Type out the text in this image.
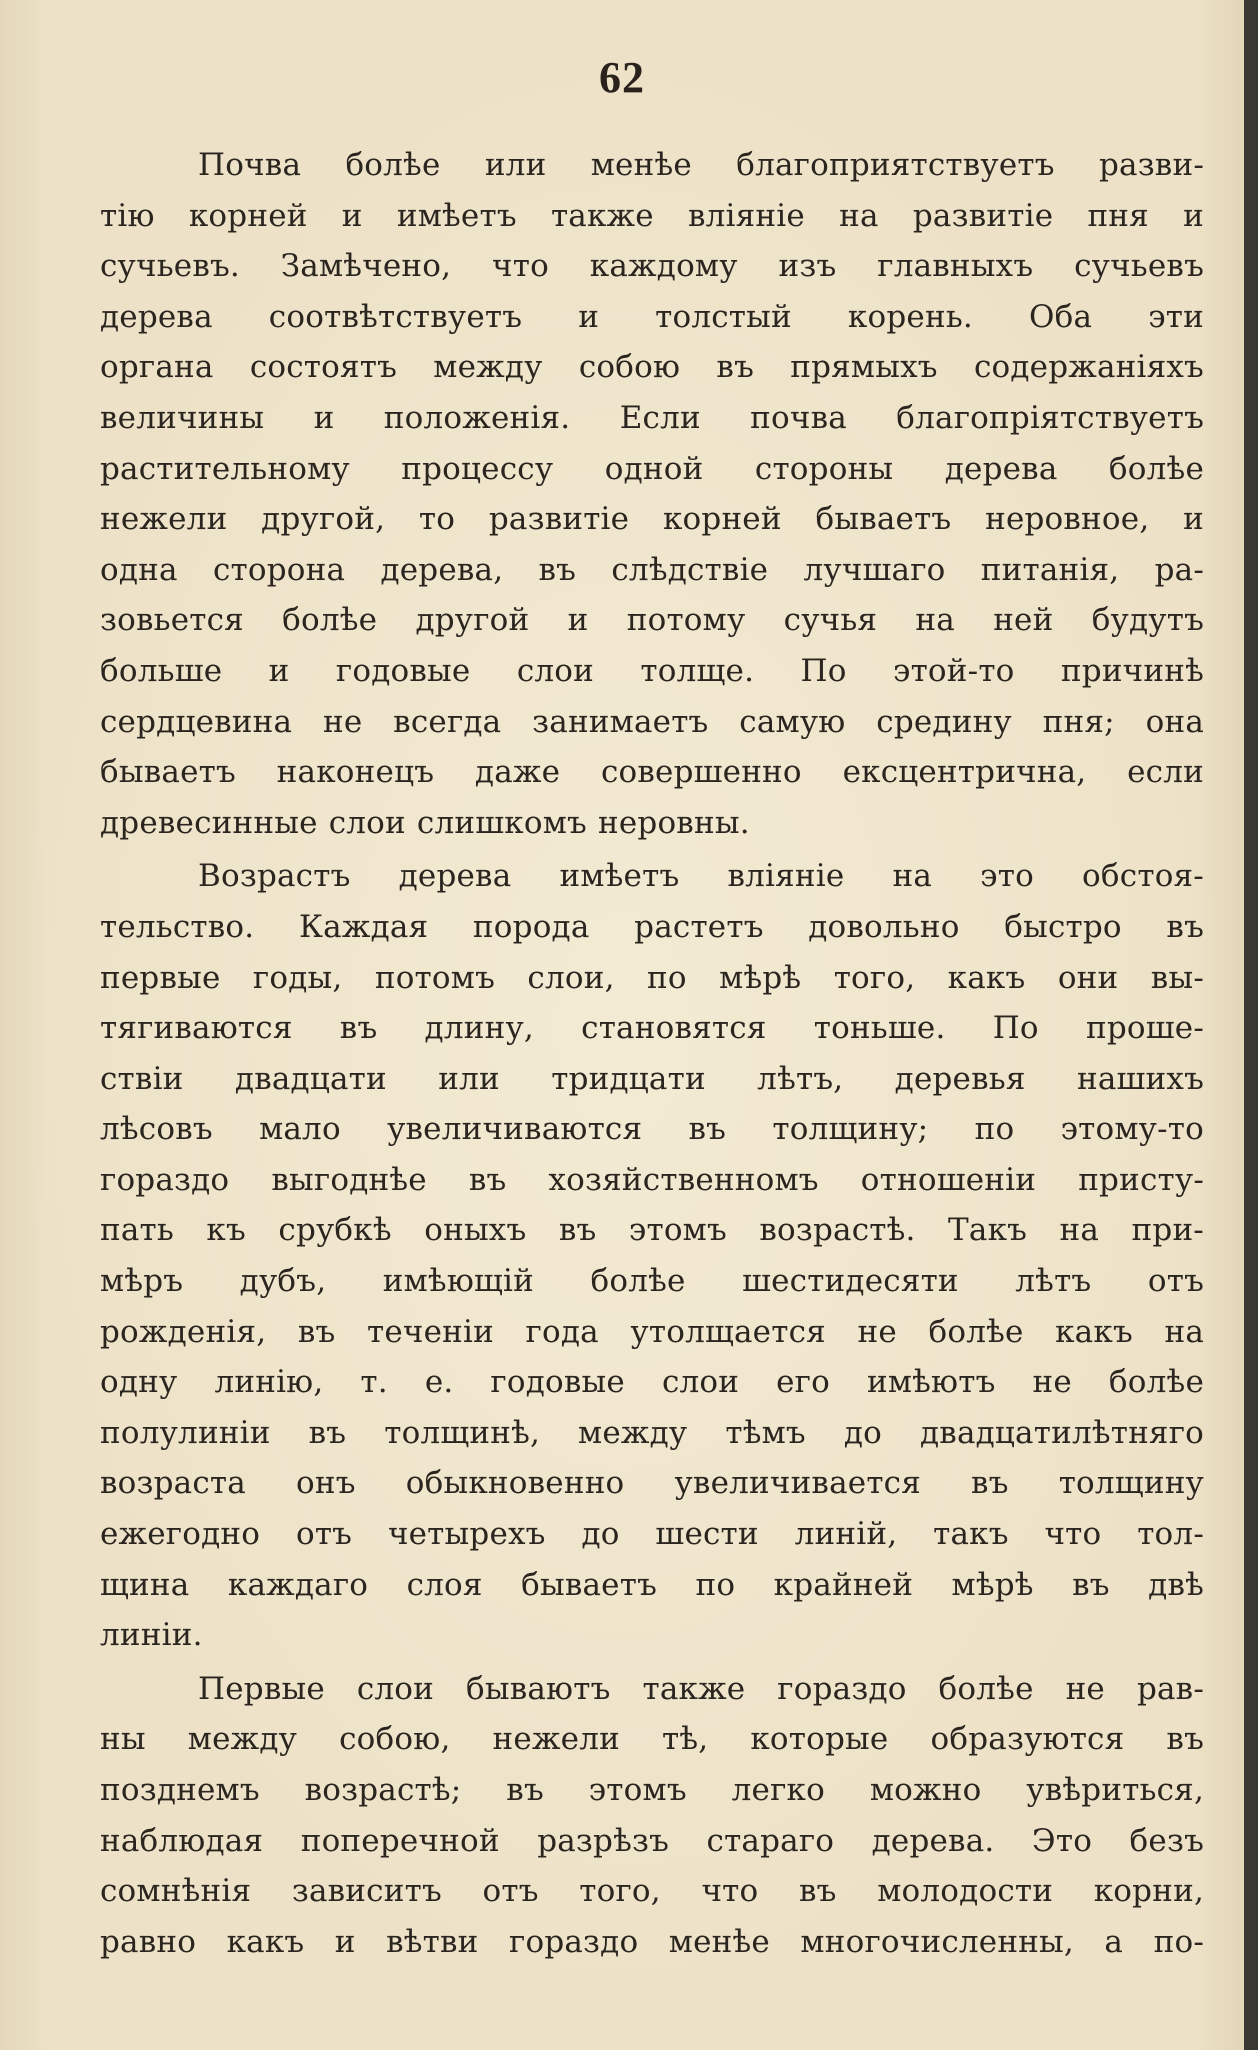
62
Почва болѣе или менѣе благоприятствуетъ разви-
тію корней и имѣетъ также вліяніе на развитіе пня и
сучьевъ. Замѣчено, что каждому изъ главныхъ сучьевъ
дерева соотвѣтствуетъ и толстый корень. Оба эти
органа состоятъ между собою въ прямыхъ содержаніяхъ
величины и положенія. Если почва благопріятствуетъ
растительному процессу одной стороны дерева болѣе
нежели другой, то развитіе корней бываетъ неровное, и
одна сторона дерева, въ слѣдствіе лучшаго питанія, ра-
зовьется болѣе другой и потому сучья на ней будутъ
больше и годовые слои толще. По этой-то причинѣ
сердцевина не всегда занимаетъ самую средину пня; она
бываетъ наконецъ даже совершенно ексцентрична, если
древесинные слои слишкомъ неровны.
Возрастъ дерева имѣетъ вліяніе на это обстоя-
тельство. Каждая порода растетъ довольно быстро въ
первые годы, потомъ слои, по мѣрѣ того, какъ они вы-
тягиваются въ длину, становятся тоньше. По проше-
ствіи двадцати или тридцати лѣтъ, деревья нашихъ
лѣсовъ мало увеличиваются въ толщину; по этому-то
гораздо выгоднѣе въ хозяйственномъ отношеніи присту-
пать къ срубкѣ оныхъ въ этомъ возрастѣ. Такъ на при-
мѣръ дубъ, имѣющій болѣе шестидесяти лѣтъ отъ
рожденія, въ теченіи года утолщается не болѣе какъ на
одну линію, т. е. годовые слои его имѣютъ не болѣе
полулиніи въ толщинѣ, между тѣмъ до двадцатилѣтняго
возраста онъ обыкновенно увеличивается въ толщину
ежегодно отъ четырехъ до шести линій, такъ что тол-
щина каждаго слоя бываетъ по крайней мѣрѣ въ двѣ
линіи.
Первые слои бываютъ также гораздо болѣе не рав-
ны между собою, нежели тѣ, которые образуются въ
позднемъ возрастѣ; въ этомъ легко можно увѣриться,
наблюдая поперечной разрѣзъ стараго дерева. Это безъ
сомнѣнія зависитъ отъ того, что въ молодости корни,
равно какъ и вѣтви гораздо менѣе многочисленны, а по-
